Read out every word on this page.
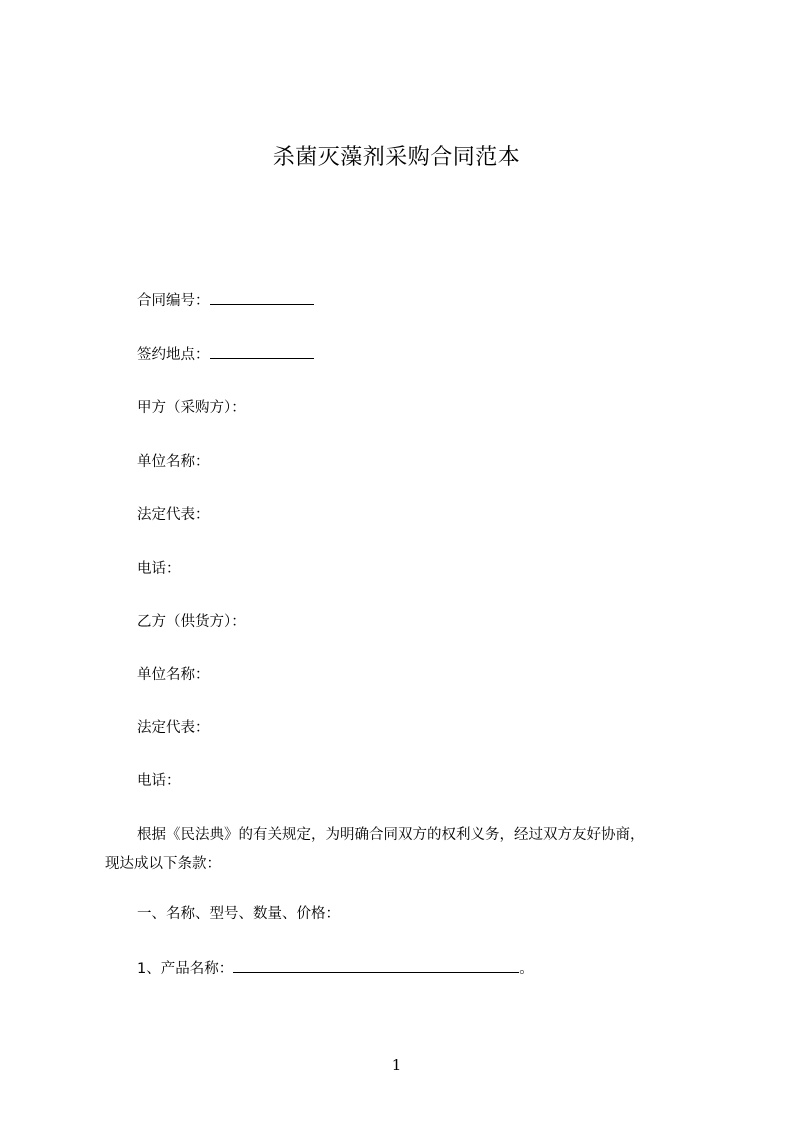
杀菌灭藻剂采购合同范本
合同编号：
签约地点：
甲方（采购方）：
单位名称：
法定代表：
电话：
乙方（供货方）：
单位名称：
法定代表：
电话：
根据《民法典》的有关规定，为明确合同双方的权利义务，经过双方友好协商，
现达成以下条款：
一、名称、型号、数量、价格：
1、产品名称：	。
1
